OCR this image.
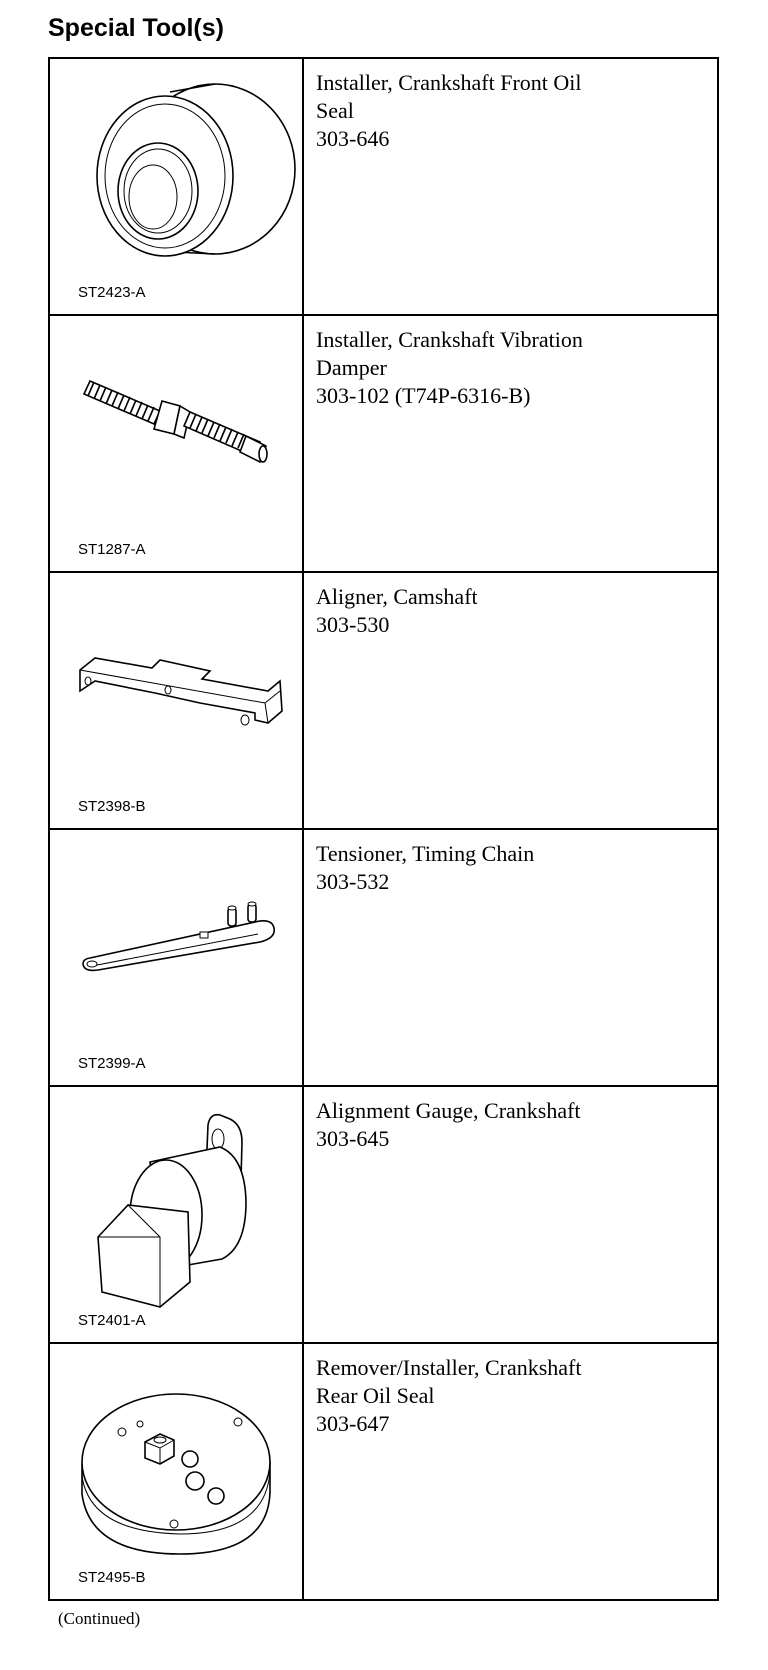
Special Tool(s)
ST2423-A	Installer, Crankshaft Front Oil
Seal
303-646

ST1287-A	Installer, Crankshaft Vibration
Damper
303-102 (T74P-6316-B)

ST2398-B	Aligner, Camshaft
303-530

ST2399-A	Tensioner, Timing Chain
303-532

ST2401-A	Alignment Gauge, Crankshaft
303-645

ST2495-B	Remover/Installer, Crankshaft
Rear Oil Seal
303-647
(Continued)
